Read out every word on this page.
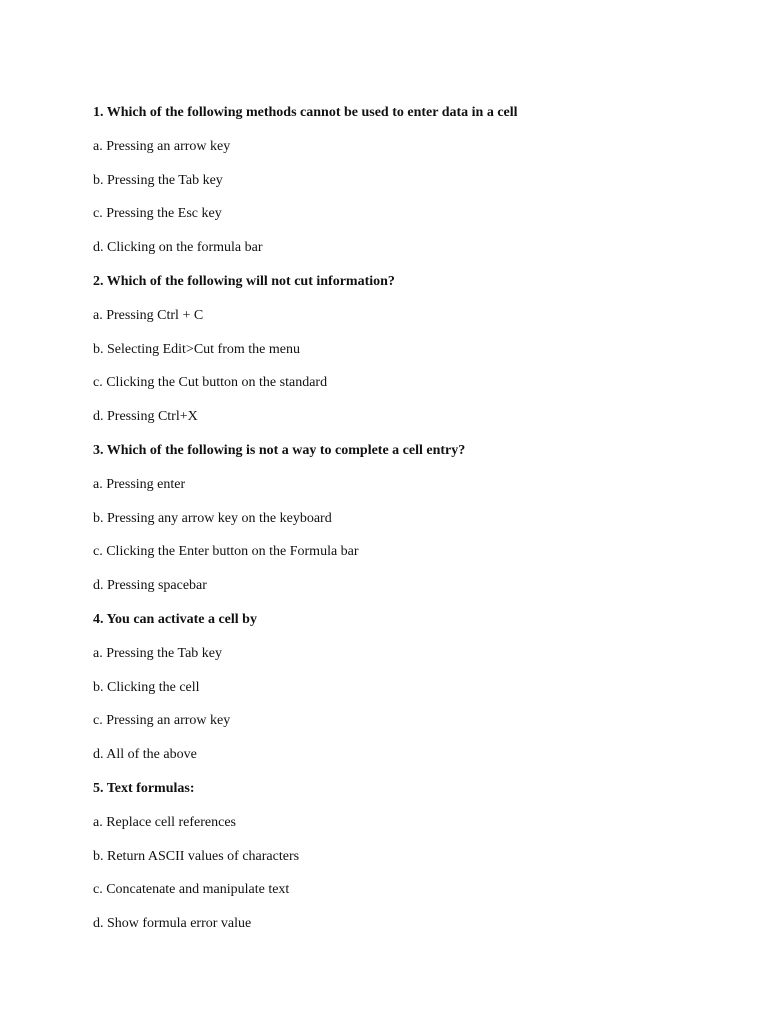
1. Which of the following methods cannot be used to enter data in a cell
a. Pressing an arrow key
b. Pressing the Tab key
c. Pressing the Esc key
d. Clicking on the formula bar
2. Which of the following will not cut information?
a. Pressing Ctrl + C
b. Selecting Edit>Cut from the menu
c. Clicking the Cut button on the standard
d. Pressing Ctrl+X
3. Which of the following is not a way to complete a cell entry?
a. Pressing enter
b. Pressing any arrow key on the keyboard
c. Clicking the Enter button on the Formula bar
d. Pressing spacebar
4. You can activate a cell by
a. Pressing the Tab key
b. Clicking the cell
c. Pressing an arrow key
d. All of the above
5. Text formulas:
a. Replace cell references
b. Return ASCII values of characters
c. Concatenate and manipulate text
d. Show formula error value
